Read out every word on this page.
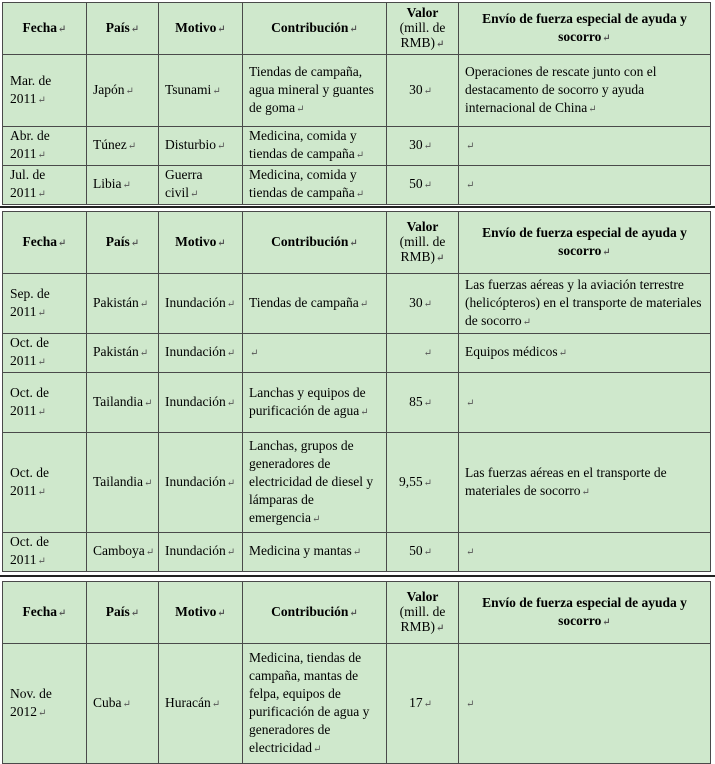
Fecha↵	País↵	Motivo↵	Contribución↵	Valor
(mill. de
RMB)↵	Envío de fuerza especial de ayuda y socorro↵
Mar. de 2011↵	Japón↵	Tsunami↵	Tiendas de campaña, agua mineral y guantes de goma↵	30↵	Operaciones de rescate junto con el destacamento de socorro y ayuda internacional de China↵
Abr. de 2011↵	Túnez↵	Disturbio↵	Medicina, comida y tiendas de campaña↵	30↵	↵
Jul. de 2011↵	Libia↵	Guerra civil↵	Medicina, comida y tiendas de campaña↵	50↵	↵
Fecha↵	País↵	Motivo↵	Contribución↵	Valor
(mill. de
RMB)↵	Envío de fuerza especial de ayuda y socorro↵
Sep. de 2011↵	Pakistán↵	Inundación↵	Tiendas de campaña↵	30↵	Las fuerzas aéreas y la aviación terrestre (helicópteros) en el transporte de materiales de socorro↵
Oct. de 2011↵	Pakistán↵	Inundación↵	↵	↵	Equipos médicos↵
Oct. de 2011↵	Tailandia↵	Inundación↵	Lanchas y equipos de purificación de agua↵	85↵	↵
Oct. de 2011↵	Tailandia↵	Inundación↵	Lanchas, grupos de generadores de electricidad de diesel y lámparas de emergencia↵	9,55↵	Las fuerzas aéreas en el transporte de materiales de socorro↵
Oct. de 2011↵	Camboya↵	Inundación↵	Medicina y mantas↵	50↵	↵
Fecha↵	País↵	Motivo↵	Contribución↵	Valor
(mill. de
RMB)↵	Envío de fuerza especial de ayuda y socorro↵
Nov. de 2012↵	Cuba↵	Huracán↵	Medicina, tiendas de campaña, mantas de felpa, equipos de purificación de agua y generadores de electricidad↵	17↵	↵
